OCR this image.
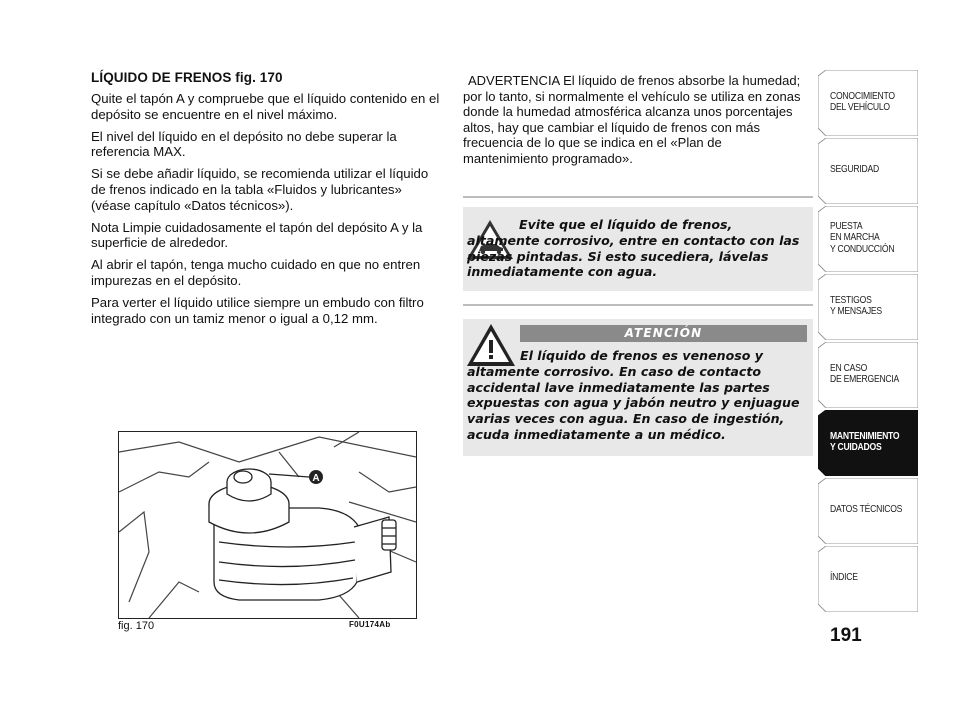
LÍQUIDO DE FRENOS fig. 170

Quite el tapón A y compruebe que el líquido contenido en el depósito se encuentre en el nivel máximo.

El nivel del líquido en el depósito no debe superar la referencia MAX.

Si se debe añadir líquido, se recomienda utilizar el líquido de frenos indicado en la tabla «Fluidos y lubricantes» (véase capítulo «Datos técnicos»).

Nota Limpie cuidadosamente el tapón del depósito A y la superficie de alrededor.

Al abrir el tapón, tenga mucho cuidado en que no entren impurezas en el depósito.

Para verter el líquido utilice siempre un embudo con filtro integrado con un tamiz menor o igual a 0,12 mm.

ADVERTENCIA El líquido de frenos absorbe la humedad; por lo tanto, si normalmente el vehículo se utiliza en zonas donde la humedad atmosférica alcanza unos porcentajes altos, hay que cambiar el líquido de frenos con más frecuencia de lo que se indica en el «Plan de mantenimiento programado».

Evite que el líquido de frenos, altamente corrosivo, entre en contacto con las piezas pintadas. Si esto sucediera, lávelas inmediatamente con agua.
ATENCIÓN
El líquido de frenos es venenoso y altamente corrosivo. En caso de contacto accidental lave inmediatamente las partes expuestas con agua y jabón neutro y enjuague varias veces con agua. En caso de ingestión, acuda inmediatamente a un médico.
A
fig. 170	F0U174Ab
CONOCIMIENTO
DEL VEHÍCULO
SEGURIDAD
PUESTA
EN MARCHA
Y CONDUCCIÓN
TESTIGOS
Y MENSAJES
EN CASO
DE EMERGENCIA
MANTENIMIENTO
Y CUIDADOS
DATOS TÉCNICOS
ÍNDICE
191
